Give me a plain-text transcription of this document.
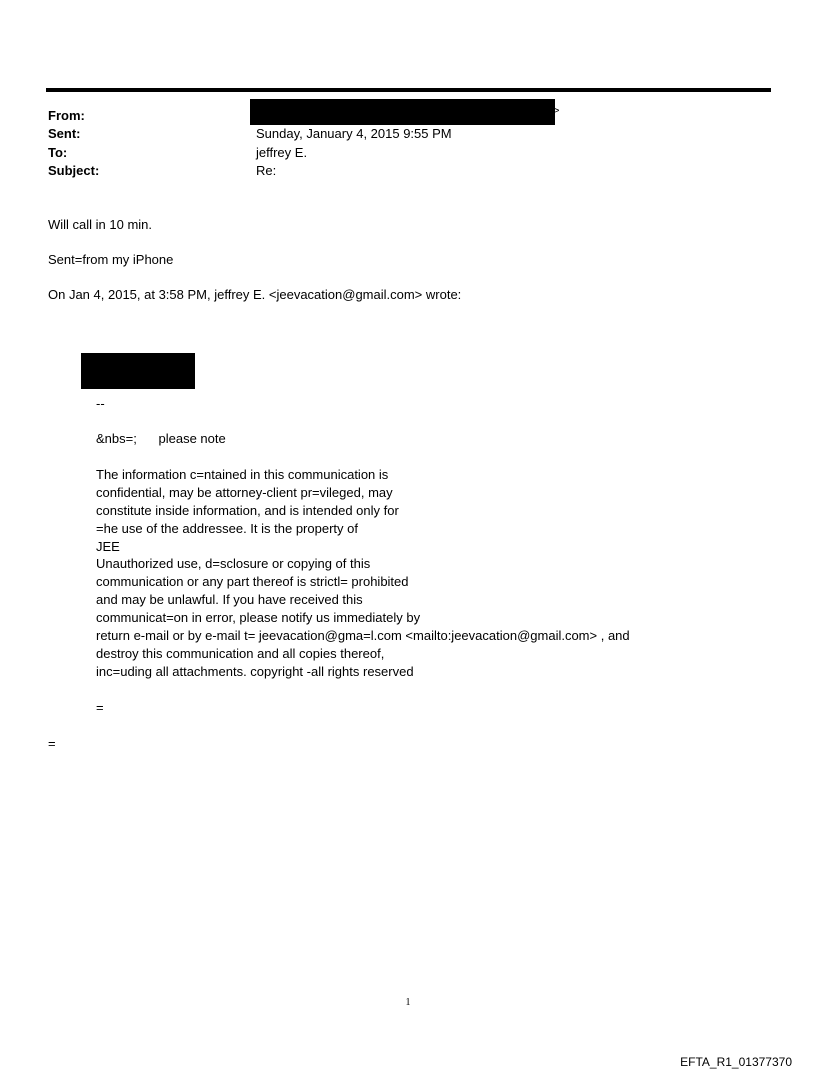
From:	>
Sent:	Sunday, January 4, 2015 9:55 PM
To:	jeffrey E.
Subject:	Re:
Will call in 10 min.
Sent=from my iPhone
On Jan 4, 2015, at 3:58 PM, jeffrey E. <jeevacation@gmail.com> wrote:
--
&nbs=;      please note
The information c=ntained in this communication is
confidential, may be attorney-client pr=vileged, may
constitute inside information, and is intended only for
=he use of the addressee. It is the property of
JEE
Unauthorized use, d=sclosure or copying of this
communication or any part thereof is strictl= prohibited
and may be unlawful. If you have received this
communicat=on in error, please notify us immediately by
return e-mail or by e-mail t= jeevacation@gma=l.com <mailto:jeevacation@gmail.com> , and
destroy this communication and all copies thereof,
inc=uding all attachments. copyright -all rights reserved
=
=
1
EFTA_R1_01377370
